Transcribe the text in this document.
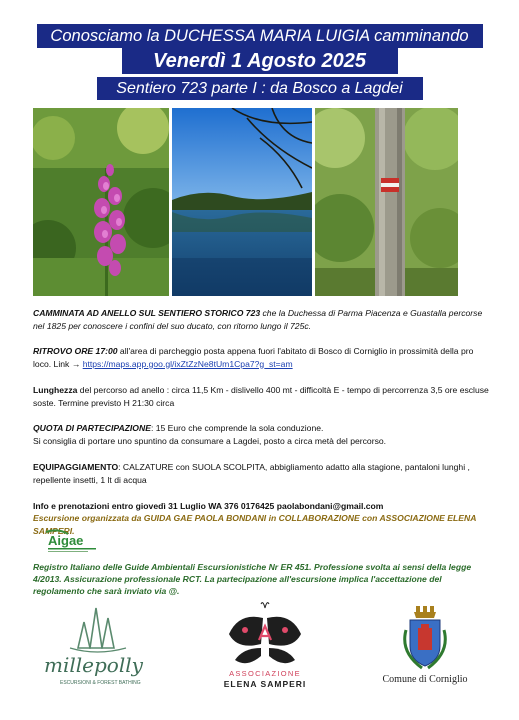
Conosciamo la DUCHESSA MARIA LUIGIA camminando
Venerdì 1 Agosto 2025
Sentiero 723 parte I : da Bosco a Lagdei
CAMMINATA AD ANELLO SUL SENTIERO STORICO 723 che la Duchessa di Parma Piacenza e Guastalla percorse nel 1825 per conoscere i confini del suo ducato, con ritorno lungo il 725c.
RITROVO ORE 17:00 all'area di parcheggio posta appena fuori l'abitato di Bosco di Corniglio in prossimità della pro loco. Link → https://maps.app.goo.gl/ixZtZzNe8tUm1Cpa7?g_st=am
Lunghezza del percorso ad anello : circa 11,5 Km - dislivello 400 mt - difficoltà E - tempo di percorrenza 3,5 ore escluse soste. Termine previsto H 21:30 circa
QUOTA DI PARTECIPAZIONE: 15 Euro che comprende la sola conduzione.
Si consiglia di portare uno spuntino da consumare a Lagdei, posto a circa metà del percorso.
EQUIPAGGIAMENTO: CALZATURE con SUOLA SCOLPITA, abbigliamento adatto alla stagione, pantaloni lunghi , repellente insetti, 1 lt di acqua
Info e prenotazioni entro giovedì 31 Luglio WA 376 0176425 paolabondani@gmail.com
Escursione organizzata da GUIDA GAE PAOLA BONDANI in COLLABORAZIONE con ASSOCIAZIONE ELENA SAMPERI.
Aigae
Registro Italiano delle Guide Ambientali Escursionistiche Nr ER 451. Professione svolta ai sensi della legge 4/2013. Assicurazione professionale RCT. La partecipazione all'escursione implica l'accettazione del regolamento che sarà inviato via @.
millepolly
ESCURSIONI & FOREST BATHING
ASSOCIAZIONE
ELENA SAMPERI	Comune di Corniglio
